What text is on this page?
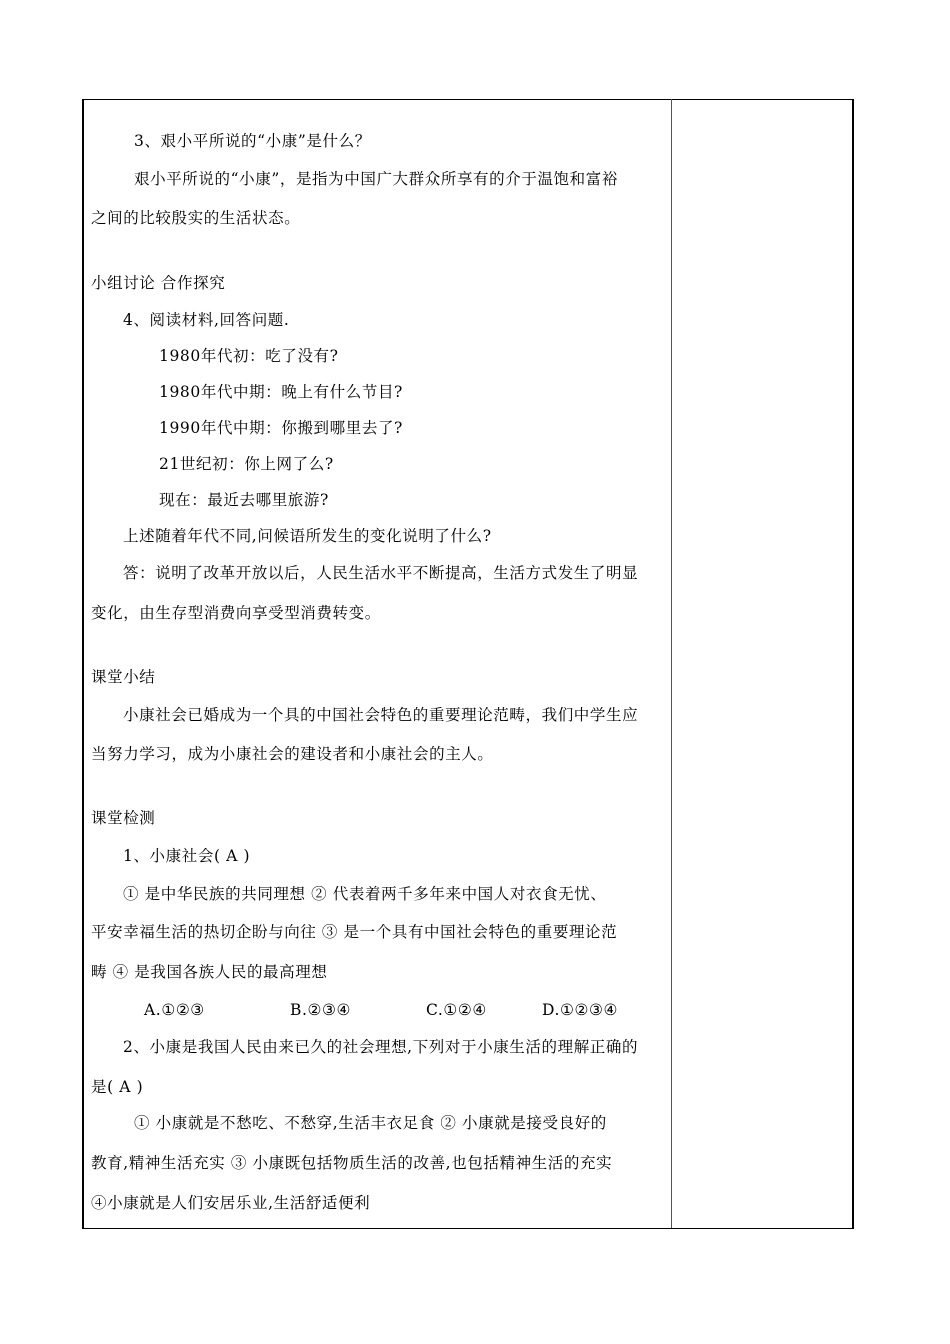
3、艰小平所说的“小康”是什么？
艰小平所说的“小康”，是指为中国广大群众所享有的介于温饱和富裕
之间的比较殷实的生活状态。
小组讨论 合作探究
4、阅读材料,回答问题.
1980年代初：吃了没有?
1980年代中期：晚上有什么节目?
1990年代中期：你搬到哪里去了?
21世纪初：你上网了么?
现在：最近去哪里旅游?
上述随着年代不同,问候语所发生的变化说明了什么?
答：说明了改革开放以后，人民生活水平不断提高，生活方式发生了明显
变化，由生存型消费向享受型消费转变。
课堂小结
小康社会已婚成为一个具的中国社会特色的重要理论范畴，我们中学生应
当努力学习，成为小康社会的建设者和小康社会的主人。
课堂检测
1、小康社会( A )
① 是中华民族的共同理想 ② 代表着两千多年来中国人对衣食无忧、
平安幸福生活的热切企盼与向往 ③ 是一个具有中国社会特色的重要理论范
畴 ④ 是我国各族人民的最高理想
A.①②③	B.②③④	C.①②④	D.①②③④
2、小康是我国人民由来已久的社会理想,下列对于小康生活的理解正确的
是( A )
① 小康就是不愁吃、不愁穿,生活丰衣足食 ② 小康就是接受良好的
教育,精神生活充实 ③ 小康既包括物质生活的改善,也包括精神生活的充实
④小康就是人们安居乐业,生活舒适便利
